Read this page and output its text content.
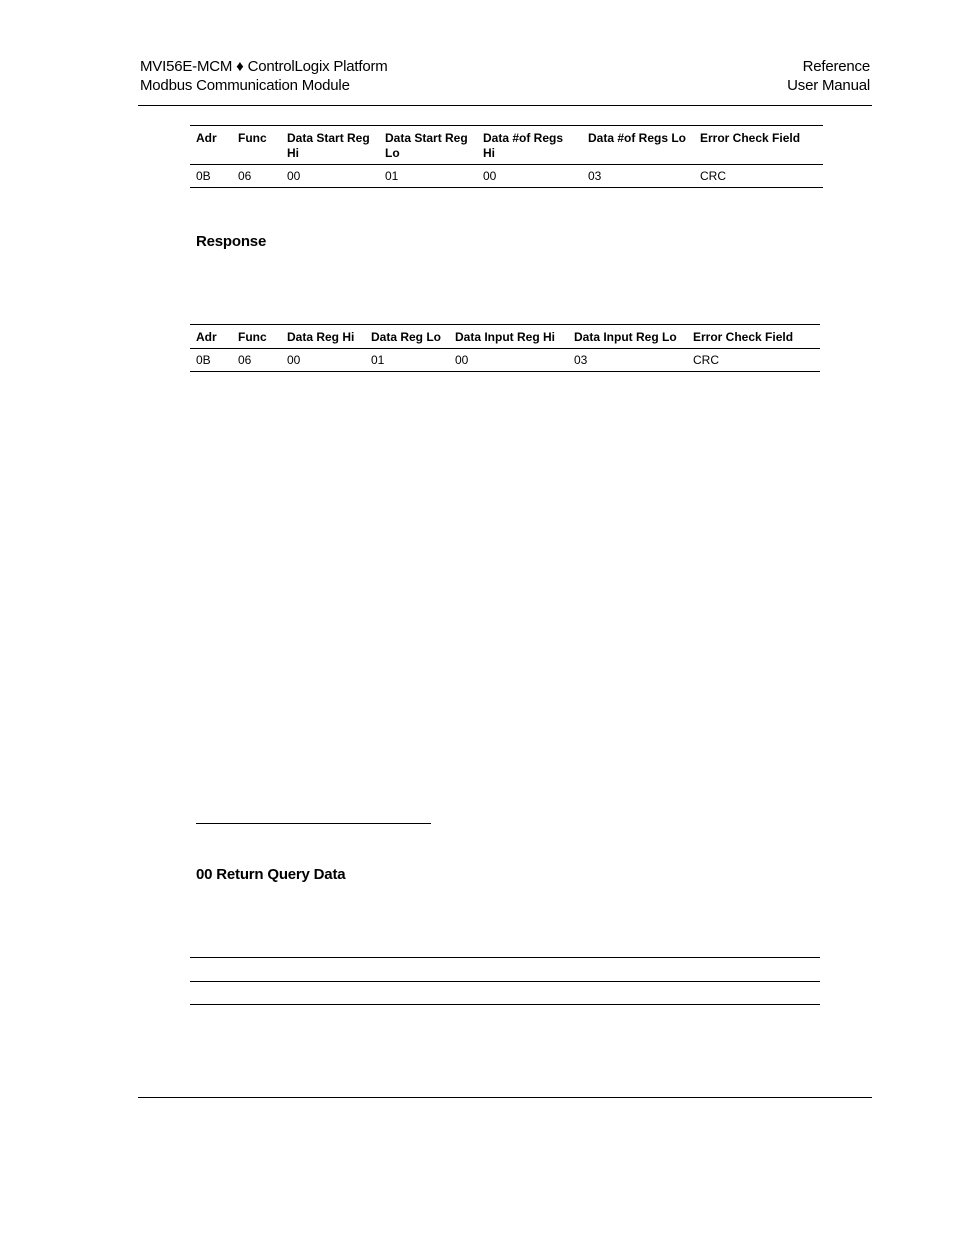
MVI56E-MCM ♦ ControlLogix Platform
Modbus Communication Module
Reference
User Manual
Adr	Func	Data Start Reg Hi	Data Start Reg Lo	Data #of Regs Hi	Data #of Regs Lo	Error Check Field
0B	06	00	01	00	03	CRC
Response
Adr	Func	Data Reg Hi	Data Reg Lo	Data Input Reg Hi	Data Input Reg Lo	Error Check Field
0B	06	00	01	00	03	CRC
00 Return Query Data
